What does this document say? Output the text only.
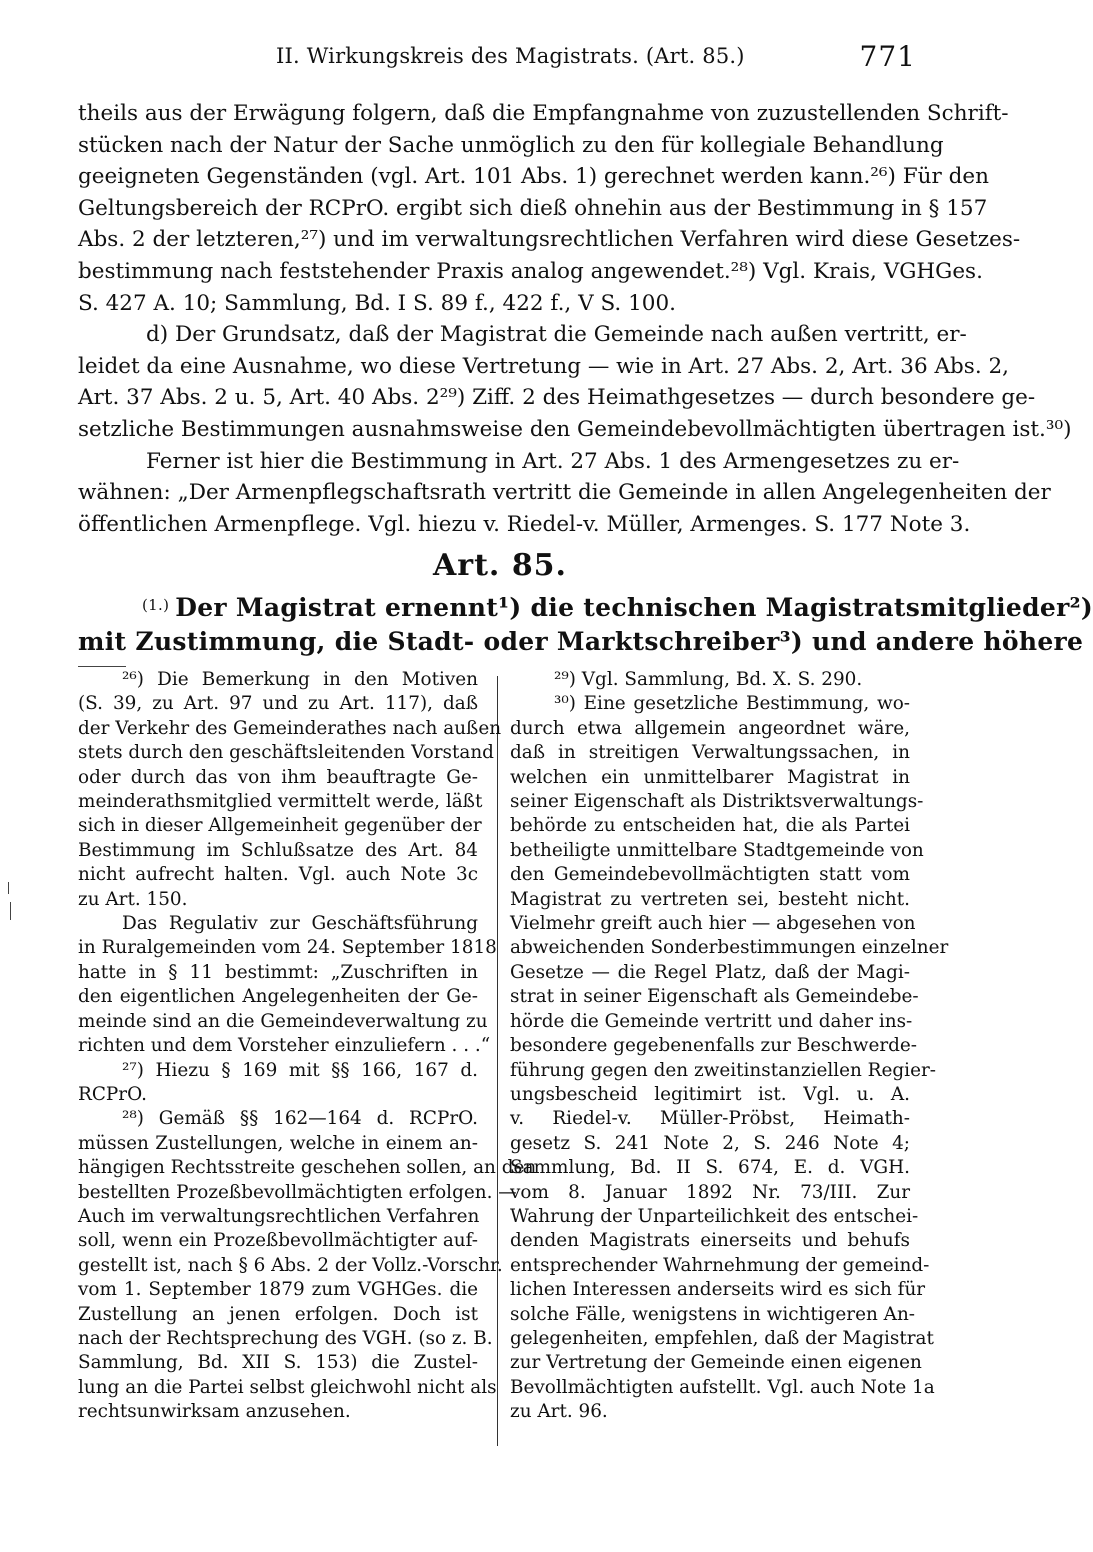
II. Wirkungskreis des Magistrats. (Art. 85.)	771
theils aus der Erwägung folgern, daß die Empfangnahme von zuzustellenden Schrift-
stücken nach der Natur der Sache unmöglich zu den für kollegiale Behandlung
geeigneten Gegenständen (vgl. Art. 101 Abs. 1) gerechnet werden kann.²⁶) Für den
Geltungsbereich der RCPrO. ergibt sich dieß ohnehin aus der Bestimmung in § 157
Abs. 2 der letzteren,²⁷) und im verwaltungsrechtlichen Verfahren wird diese Gesetzes-
bestimmung nach feststehender Praxis analog angewendet.²⁸) Vgl. Krais, VGHGes.
S. 427 A. 10; Sammlung, Bd. I S. 89 f., 422 f., V S. 100.
d) Der Grundsatz, daß der Magistrat die Gemeinde nach außen vertritt, er-
leidet da eine Ausnahme, wo diese Vertretung — wie in Art. 27 Abs. 2, Art. 36 Abs. 2,
Art. 37 Abs. 2 u. 5, Art. 40 Abs. 2²⁹) Ziff. 2 des Heimathgesetzes — durch besondere ge-
setzliche Bestimmungen ausnahmsweise den Gemeindebevollmächtigten übertragen ist.³⁰)
Ferner ist hier die Bestimmung in Art. 27 Abs. 1 des Armengesetzes zu er-
wähnen: „Der Armenpflegschaftsrath vertritt die Gemeinde in allen Angelegenheiten der
öffentlichen Armenpflege. Vgl. hiezu v. Riedel-v. Müller, Armenges. S. 177 Note 3.
Art. 85.
$^{(1.)}$ Der Magistrat ernennt¹) die technischen Magistratsmitglieder²)
mit Zustimmung, die Stadt- oder Marktschreiber³) und andere höhere
²⁶) Die Bemerkung in den Motiven
(S. 39, zu Art. 97 und zu Art. 117), daß
der Verkehr des Gemeinderathes nach außen
stets durch den geschäftsleitenden Vorstand
oder durch das von ihm beauftragte Ge-
meinderathsmitglied vermittelt werde, läßt
sich in dieser Allgemeinheit gegenüber der
Bestimmung im Schlußsatze des Art. 84
nicht aufrecht halten. Vgl. auch Note 3c
zu Art. 150.
Das Regulativ zur Geschäftsführung
in Ruralgemeinden vom 24. September 1818
hatte in § 11 bestimmt: „Zuschriften in
den eigentlichen Angelegenheiten der Ge-
meinde sind an die Gemeindeverwaltung zu
richten und dem Vorsteher einzuliefern . . .“
²⁷) Hiezu § 169 mit §§ 166, 167 d.
RCPrO.
²⁸) Gemäß §§ 162—164 d. RCPrO.
müssen Zustellungen, welche in einem an-
hängigen Rechtsstreite geschehen sollen, an den
bestellten Prozeßbevollmächtigten erfolgen. —
Auch im verwaltungsrechtlichen Verfahren
soll, wenn ein Prozeßbevollmächtigter auf-
gestellt ist, nach § 6 Abs. 2 der Vollz.-Vorschr.
vom 1. September 1879 zum VGHGes. die
Zustellung an jenen erfolgen. Doch ist
nach der Rechtsprechung des VGH. (so z. B.
Sammlung, Bd. XII S. 153) die Zustel-
lung an die Partei selbst gleichwohl nicht als
rechtsunwirksam anzusehen.
²⁹) Vgl. Sammlung, Bd. X. S. 290.
³⁰) Eine gesetzliche Bestimmung, wo-
durch etwa allgemein angeordnet wäre,
daß in streitigen Verwaltungssachen, in
welchen ein unmittelbarer Magistrat in
seiner Eigenschaft als Distriktsverwaltungs-
behörde zu entscheiden hat, die als Partei
betheiligte unmittelbare Stadtgemeinde von
den Gemeindebevollmächtigten statt vom
Magistrat zu vertreten sei, besteht nicht.
Vielmehr greift auch hier — abgesehen von
abweichenden Sonderbestimmungen einzelner
Gesetze — die Regel Platz, daß der Magi-
strat in seiner Eigenschaft als Gemeindebe-
hörde die Gemeinde vertritt und daher ins-
besondere gegebenenfalls zur Beschwerde-
führung gegen den zweitinstanziellen Regier-
ungsbescheid legitimirt ist. Vgl. u. A.
v. Riedel-v. Müller-Pröbst, Heimath-
gesetz S. 241 Note 2, S. 246 Note 4;
Sammlung, Bd. II S. 674, E. d. VGH.
vom 8. Januar 1892 Nr. 73/III. Zur
Wahrung der Unparteilichkeit des entschei-
denden Magistrats einerseits und behufs
entsprechender Wahrnehmung der gemeind-
lichen Interessen anderseits wird es sich für
solche Fälle, wenigstens in wichtigeren An-
gelegenheiten, empfehlen, daß der Magistrat
zur Vertretung der Gemeinde einen eigenen
Bevollmächtigten aufstellt. Vgl. auch Note 1a
zu Art. 96.
